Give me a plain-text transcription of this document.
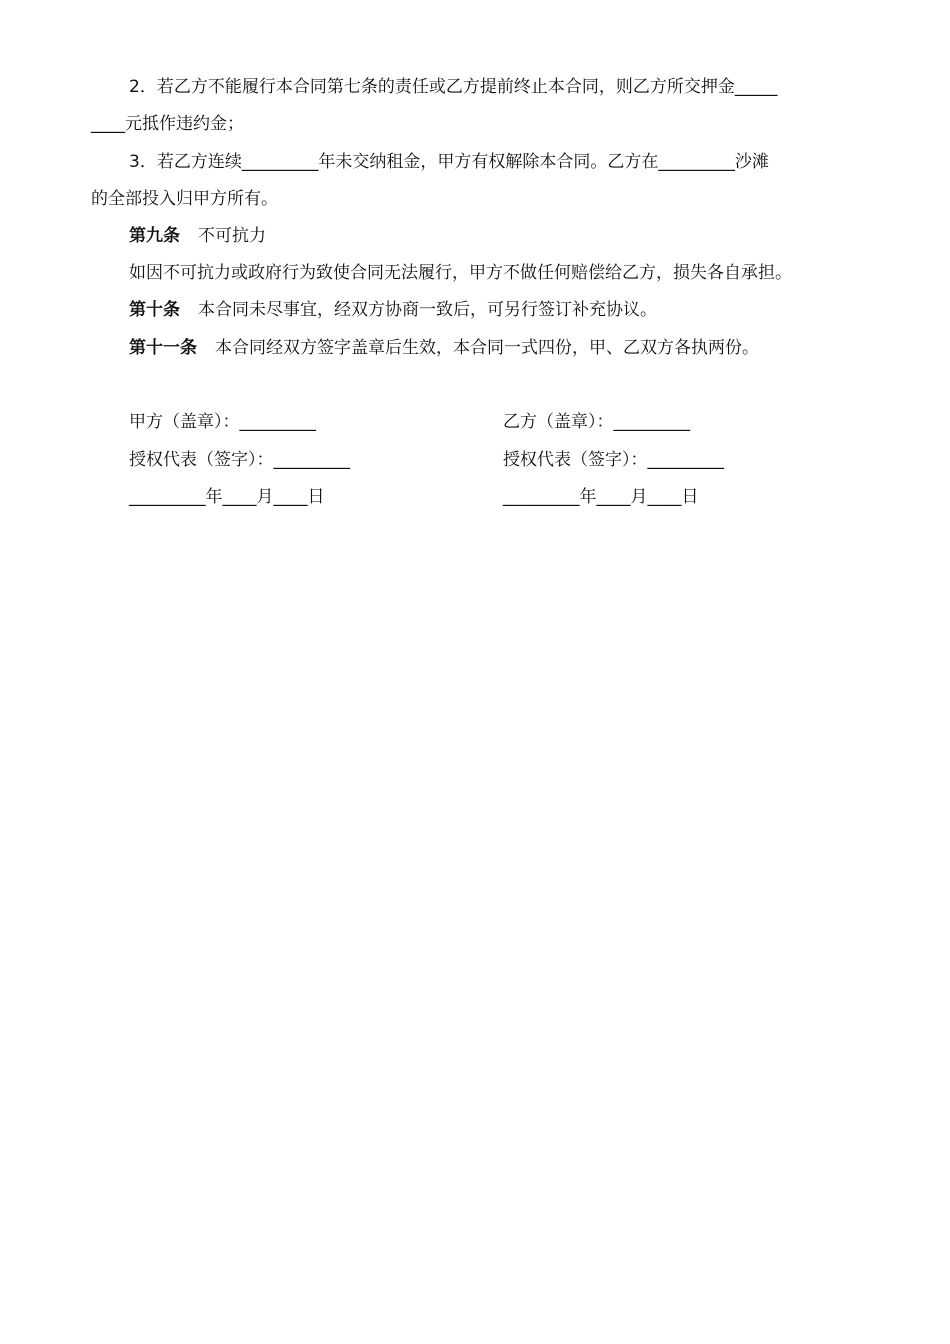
2．若乙方不能履行本合同第七条的责任或乙方提前终止本合同，则乙方所交押金_____
____元抵作违约金；
3．若乙方连续_________年未交纳租金，甲方有权解除本合同。乙方在_________沙滩
的全部投入归甲方所有。
第九条 不可抗力
如因不可抗力或政府行为致使合同无法履行，甲方不做任何赔偿给乙方，损失各自承担。
第十条 本合同未尽事宜，经双方协商一致后，可另行签订补充协议。
第十一条 本合同经双方签字盖章后生效，本合同一式四份，甲、乙双方各执两份。
甲方（盖章）：_________	乙方（盖章）：_________
授权代表（签字）：_________	授权代表（签字）：_________
_________年____月____日	_________年____月____日
